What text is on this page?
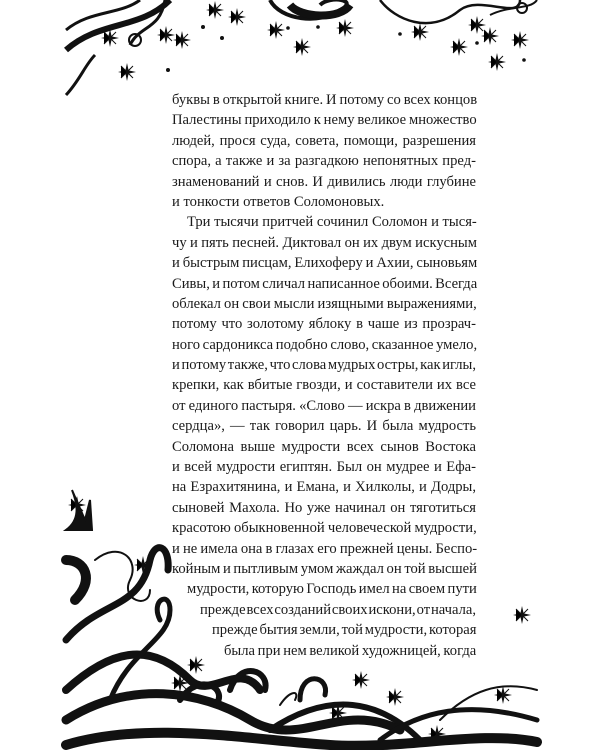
буквы в открытой книге. И потому со всех концов
Палестины приходило к нему великое множество
людей, прося суда, совета, помощи, разрешения
спора, а также и за разгадкою непонятных пред-
знаменований и снов. И дивились люди глубине
и тонкости ответов Соломоновых.
Три тысячи притчей сочинил Соломон и тыся-
чу и пять песней. Диктовал он их двум искусным
и быстрым писцам, Елихоферу и Ахии, сыновьям
Сивы, и потом сличал написанное обоими. Всегда
облекал он свои мысли изящными выражениями,
потому что золотому яблоку в чаше из прозрач-
ного сардоникса подобно слово, сказанное умело,
и потому также, что слова мудрых остры, как иглы,
крепки, как вбитые гвозди, и составители их все
от единого пастыря. «Слово — искра в движении
сердца», — так говорил царь. И была мудрость
Соломона выше мудрости всех сынов Востока
и всей мудрости египтян. Был он мудрее и Ефа-
на Езрахитянина, и Емана, и Хилколы, и Додры,
сыновей Махола. Но уже начинал он тяготиться
красотою обыкновенной человеческой мудрости,
и не имела она в глазах его прежней цены. Беспо-
койным и пытливым умом жаждал он той высшей
мудрости, которую Господь имел на своем пути
прежде всех созданий своих искони, от начала,
прежде бытия земли, той мудрости, которая
была при нем великой художницей, когда
